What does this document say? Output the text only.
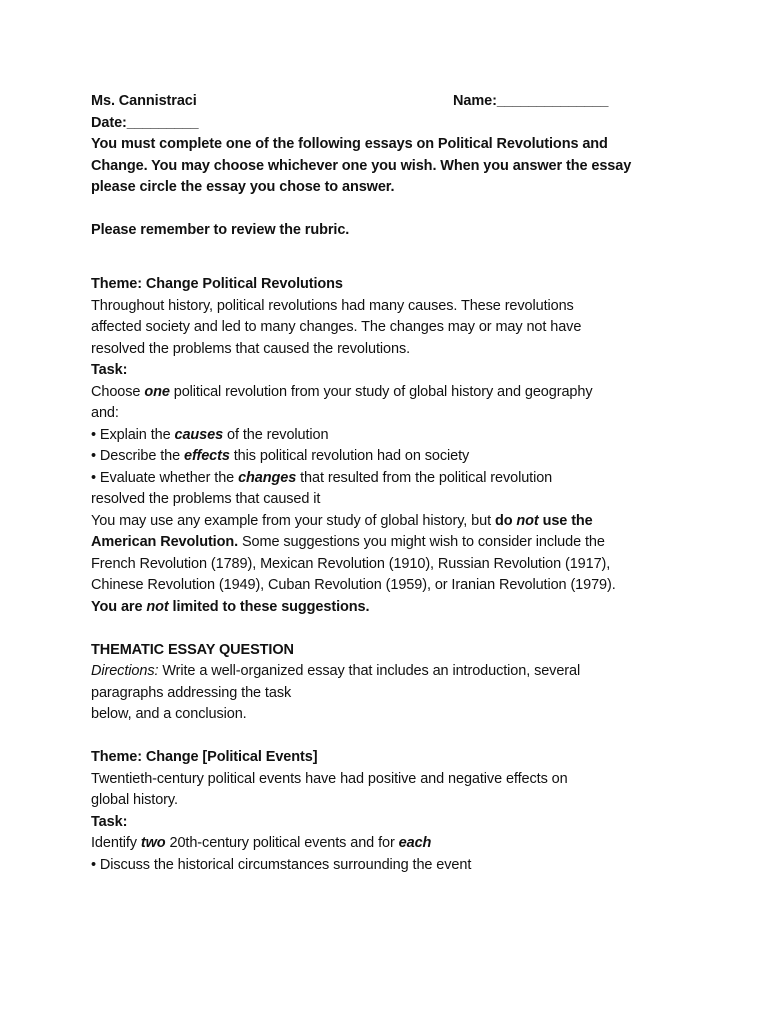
Ms. Cannistraci	Name:______________
Date:_________
You must complete one of the following essays on Political Revolutions and
Change. You may choose whichever one you wish. When you answer the essay
please circle the essay you chose to answer.
Please remember to review the rubric.
Theme: Change Political Revolutions
Throughout history, political revolutions had many causes. These revolutions
affected society and led to many changes. The changes may or may not have
resolved the problems that caused the revolutions.
Task:
Choose one political revolution from your study of global history and geography
and:
• Explain the causes of the revolution
• Describe the effects this political revolution had on society
• Evaluate whether the changes that resulted from the political revolution
resolved the problems that caused it
You may use any example from your study of global history, but do not use the
American Revolution. Some suggestions you might wish to consider include the
French Revolution (1789), Mexican Revolution (1910), Russian Revolution (1917),
Chinese Revolution (1949), Cuban Revolution (1959), or Iranian Revolution (1979).
You are not limited to these suggestions.
THEMATIC ESSAY QUESTION
Directions: Write a well-organized essay that includes an introduction, several
paragraphs addressing the task
below, and a conclusion.
Theme: Change [Political Events]
Twentieth-century political events have had positive and negative effects on
global history.
Task:
Identify two 20th-century political events and for each
• Discuss the historical circumstances surrounding the event
